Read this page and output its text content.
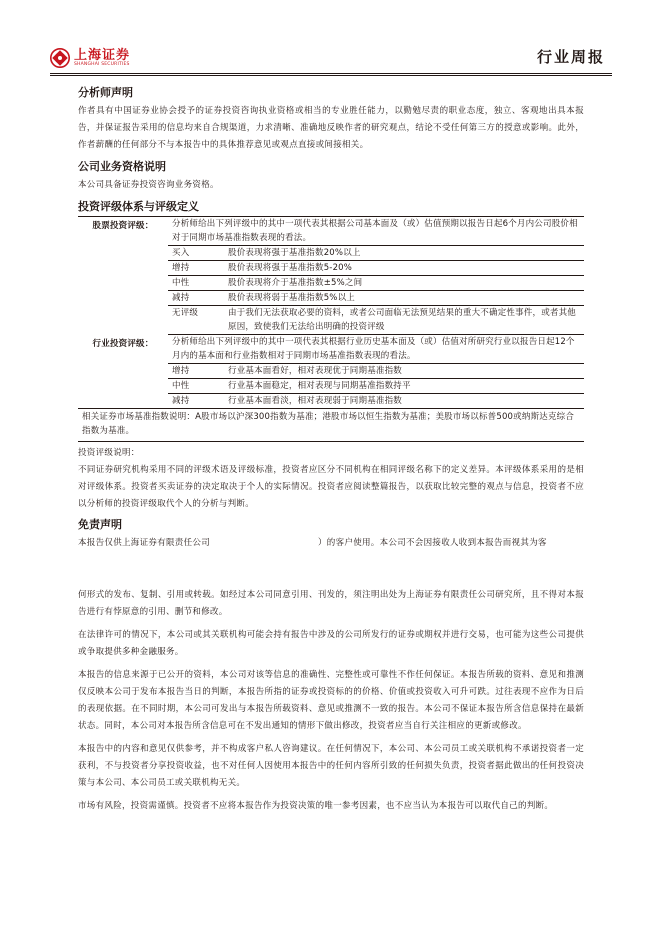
上海证券
SHANGHAI SECURITIES	行业周报
分析师声明

作者具有中国证券业协会授予的证券投资咨询执业资格或相当的专业胜任能力，以勤勉尽责的职业态度，独立、客观地出具本报告，并保证报告采用的信息均来自合规渠道，力求清晰、准确地反映作者的研究观点，结论不受任何第三方的授意或影响。此外，作者薪酬的任何部分不与本报告中的具体推荐意见或观点直接或间接相关。

公司业务资格说明

本公司具备证券投资咨询业务资格。

投资评级体系与评级定义
股票投资评级：	分析师给出下列评级中的其中一项代表其根据公司基本面及（或）估值预期以报告日起6个月内公司股价相对于同期市场基准指数表现的看法。	
	买入	股价表现将强于基准指数20%以上
	增持	股价表现将强于基准指数5-20%
	中性	股价表现将介于基准指数±5%之间
	减持	股价表现将弱于基准指数5%以上
	无评级	由于我们无法获取必要的资料，或者公司面临无法预见结果的重大不确定性事件，或者其他原因，致使我们无法给出明确的投资评级
行业投资评级：	分析师给出下列评级中的其中一项代表其根据行业历史基本面及（或）估值对所研究行业以报告日起12个月内的基本面和行业指数相对于同期市场基准指数表现的看法。	
	增持	行业基本面看好，相对表现优于同期基准指数
	中性	行业基本面稳定，相对表现与同期基准指数持平
	减持	行业基本面看淡，相对表现弱于同期基准指数
相关证券市场基准指数说明：A股市场以沪深300指数为基准；港股市场以恒生指数为基准；美股市场以标普500或纳斯达克综合指数为基准。		

投资评级说明：

不同证券研究机构采用不同的评级术语及评级标准，投资者应区分不同机构在相同评级名称下的定义差异。本评级体系采用的是相对评级体系。投资者买卖证券的决定取决于个人的实际情况。投资者应阅读整篇报告，以获取比较完整的观点与信息，投资者不应以分析师的投资评级取代个人的分析与判断。

免责声明
本报告仅供上海证券有限责任公司	）的客户使用。本公司不会因接收人收到本报告而视其为客

何形式的发布、复制、引用或转载。如经过本公司同意引用、刊发的，须注明出处为上海证券有限责任公司研究所，且不得对本报告进行有悖原意的引用、删节和修改。

在法律许可的情况下，本公司或其关联机构可能会持有报告中涉及的公司所发行的证券或期权并进行交易，也可能为这些公司提供或争取提供多种金融服务。

本报告的信息来源于已公开的资料，本公司对该等信息的准确性、完整性或可靠性不作任何保证。本报告所载的资料、意见和推测仅反映本公司于发布本报告当日的判断，本报告所指的证券或投资标的的价格、价值或投资收入可升可跌。过往表现不应作为日后的表现依据。在不同时期，本公司可发出与本报告所载资料、意见或推测不一致的报告。本公司不保证本报告所含信息保持在最新状态。同时，本公司对本报告所含信息可在不发出通知的情形下做出修改，投资者应当自行关注相应的更新或修改。

本报告中的内容和意见仅供参考，并不构成客户私人咨询建议。在任何情况下，本公司、本公司员工或关联机构不承诺投资者一定获利，不与投资者分享投资收益，也不对任何人因使用本报告中的任何内容所引致的任何损失负责，投资者据此做出的任何投资决策与本公司、本公司员工或关联机构无关。

市场有风险，投资需谨慎。投资者不应将本报告作为投资决策的唯一参考因素，也不应当认为本报告可以取代自己的判断。
